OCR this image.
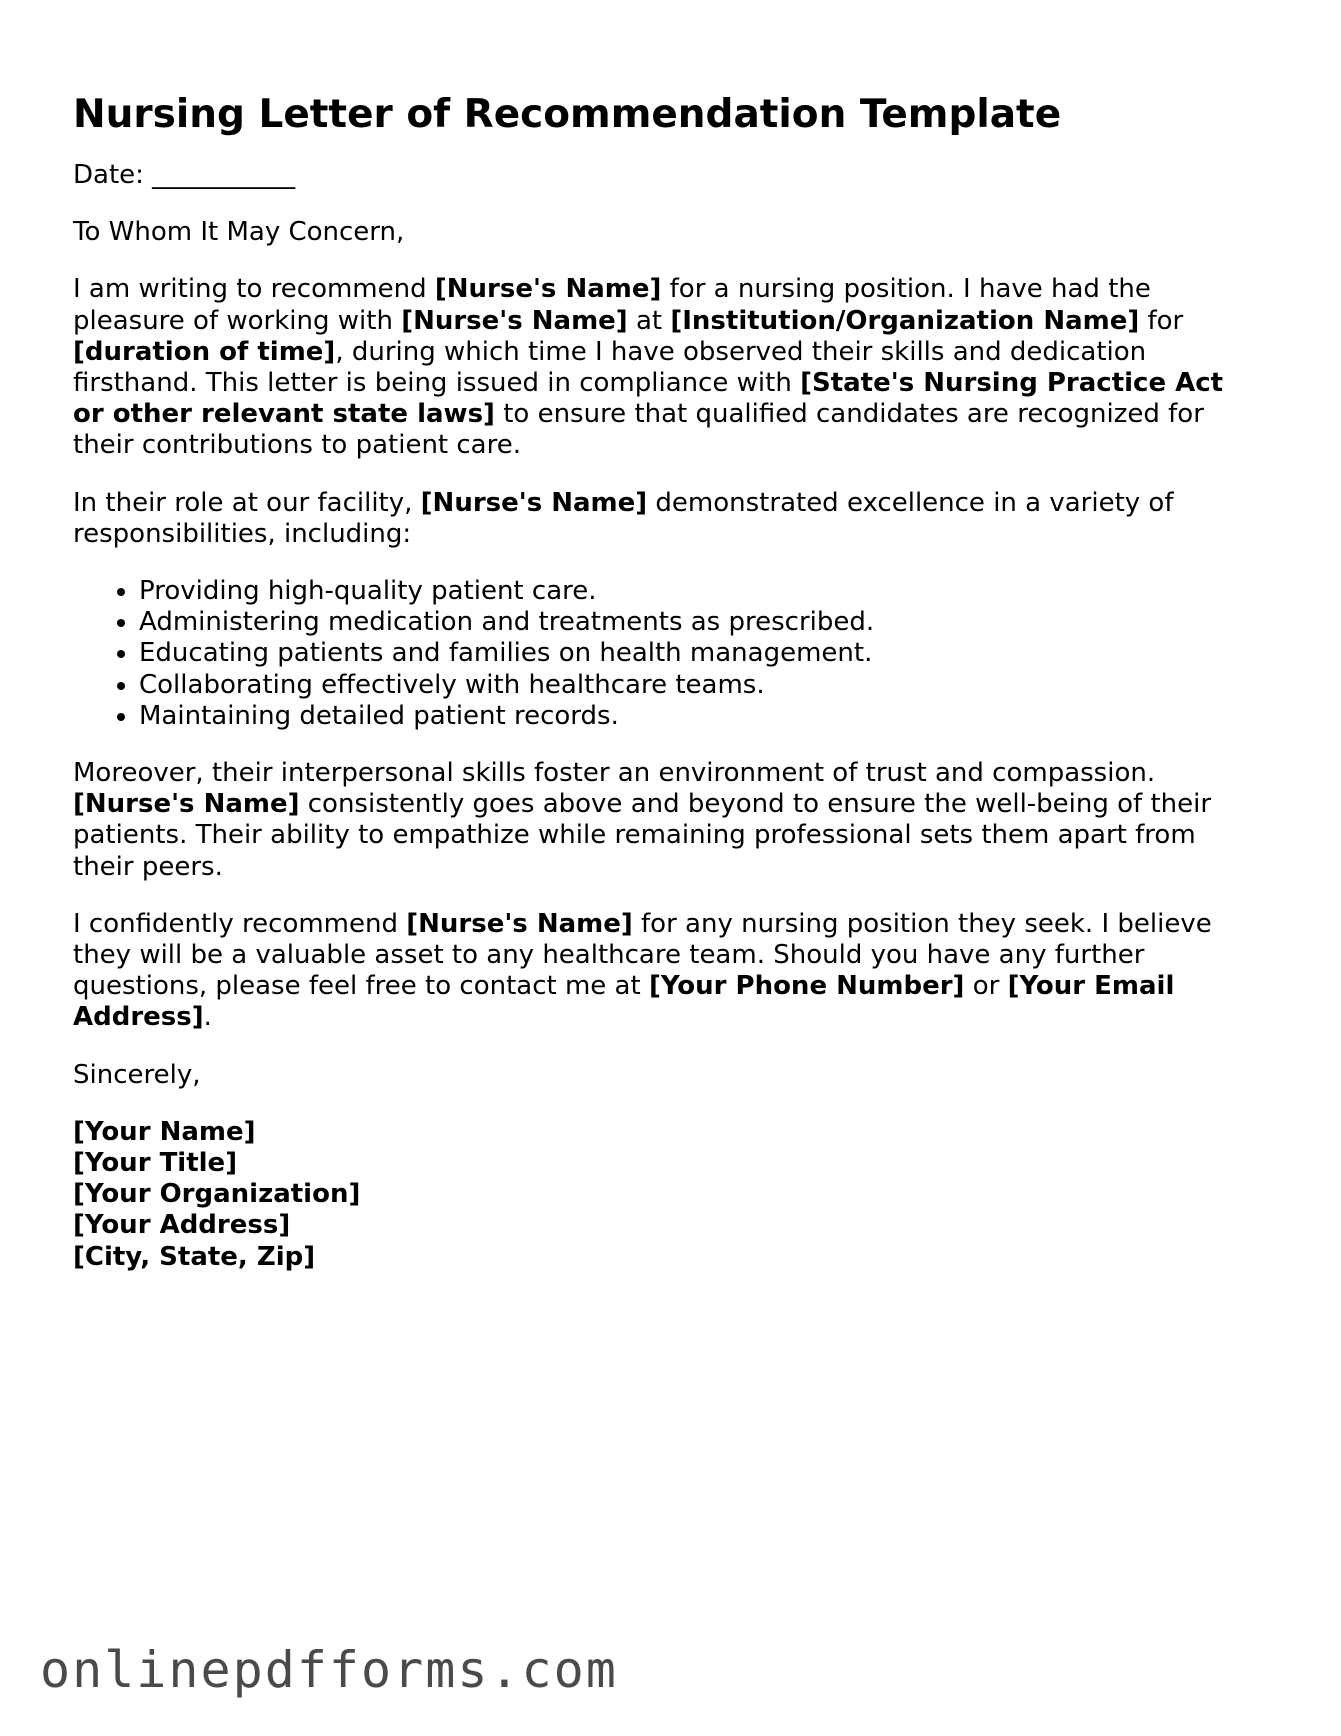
Nursing Letter of Recommendation Template

Date: ___________

To Whom It May Concern,

I am writing to recommend [Nurse's Name] for a nursing position. I have had the pleasure of working with [Nurse's Name] at [Institution/Organization Name] for [duration of time], during which time I have observed their skills and dedication firsthand. This letter is being issued in compliance with [State's Nursing Practice Act or other relevant state laws] to ensure that qualified candidates are recognized for their contributions to patient care.

In their role at our facility, [Nurse's Name] demonstrated excellence in a variety of responsibilities, including:

• Providing high-quality patient care.
• Administering medication and treatments as prescribed.
• Educating patients and families on health management.
• Collaborating effectively with healthcare teams.
• Maintaining detailed patient records.

Moreover, their interpersonal skills foster an environment of trust and compassion. [Nurse's Name] consistently goes above and beyond to ensure the well-being of their patients. Their ability to empathize while remaining professional sets them apart from their peers.

I confidently recommend [Nurse's Name] for any nursing position they seek. I believe they will be a valuable asset to any healthcare team. Should you have any further questions, please feel free to contact me at [Your Phone Number] or [Your Email Address].

Sincerely,

[Your Name]
[Your Title]
[Your Organization]
[Your Address]
[City, State, Zip]
onlinepdfforms.com
